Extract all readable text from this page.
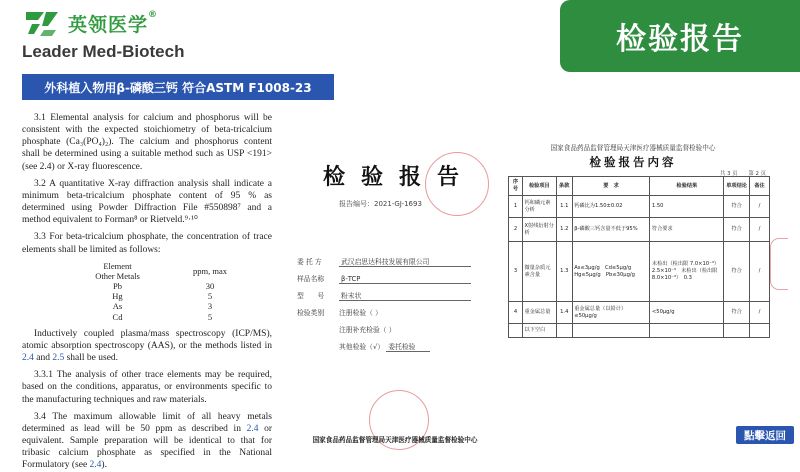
英领医学®
Leader Med-Biotech	检验报告
外科植入物用β-磷酸三钙 符合ASTM F1008-23

3.1 Elemental analysis for calcium and phosphorus will be consistent with the expected stoichiometry of beta-tricalcium phosphate (Ca₃(PO₄)₂). The calcium and phosphorus content shall be determined using a suitable method such as USP <191> (see 2.4) or X-ray fluorescence.

3.2 A quantitative X-ray diffraction analysis shall indicate a minimum beta-tricalcium phosphate content of 95 % as determined using Powder Diffraction File #550898⁷ and a method equivalent to Forman⁸ or Rietveld.⁹·¹⁰

3.3 For beta-tricalcium phosphate, the concentration of trace elements shall be limited as follows:

Element
Other Metals	ppm, max
Pb	30
Hg	5
As	3
Cd	5

Inductively coupled plasma/mass spectroscopy (ICP/MS), atomic absorption spectroscopy (AAS), or the methods listed in 2.4 and 2.5 shall be used.

3.3.1 The analysis of other trace elements may be required, based on the conditions, apparatus, or environments specific to the manufacturing techniques and raw materials.

3.4 The maximum allowable limit of all heavy metals determined as lead will be 50 ppm as described in 2.4 or equivalent. Sample preparation will be identical to that for tribasic calcium phosphate as specified in the National Formulatory (see 2.4).

检验报告
报告编号：2021-GJ-1693
委 托 方	武汉启思达科技发展有限公司
样品名称 β-TCP
型　　号 粉末状
检验类别 注册检验（ ）
注册补充检验（ ）
其他检验（√） 委托检验
国家食品药品监督管理局天津医疗器械质量监督检验中心
国家食品药品监督管理局天津医疗器械质量监督检验中心
检验报告内容
共 3 页　　第 2 页
序号	检验项目	条款	要　求	检验结果	单项结论	备注
1	钙和磷元素分析	1.1	钙磷比为1.50±0.02	1.50	符合	/
2	X射线衍射分析	1.2	β-磷酸三钙含量不低于95%	符合要求	符合	/
3	微量杂质元素含量	1.3	As≤3μg/g　Cd≤5μg/g　Hg≤5μg/g　Pb≤30μg/g	未检出（检出限 7.0×10⁻³）　2.5×10⁻³　未检出（检出限 8.0×10⁻³）　0.3	符合	/
4	重金属总量	1.4	重金属总量（以铅计）≤50μg/g	<50μg/g	符合	/
	以下空白					
點擊返回
